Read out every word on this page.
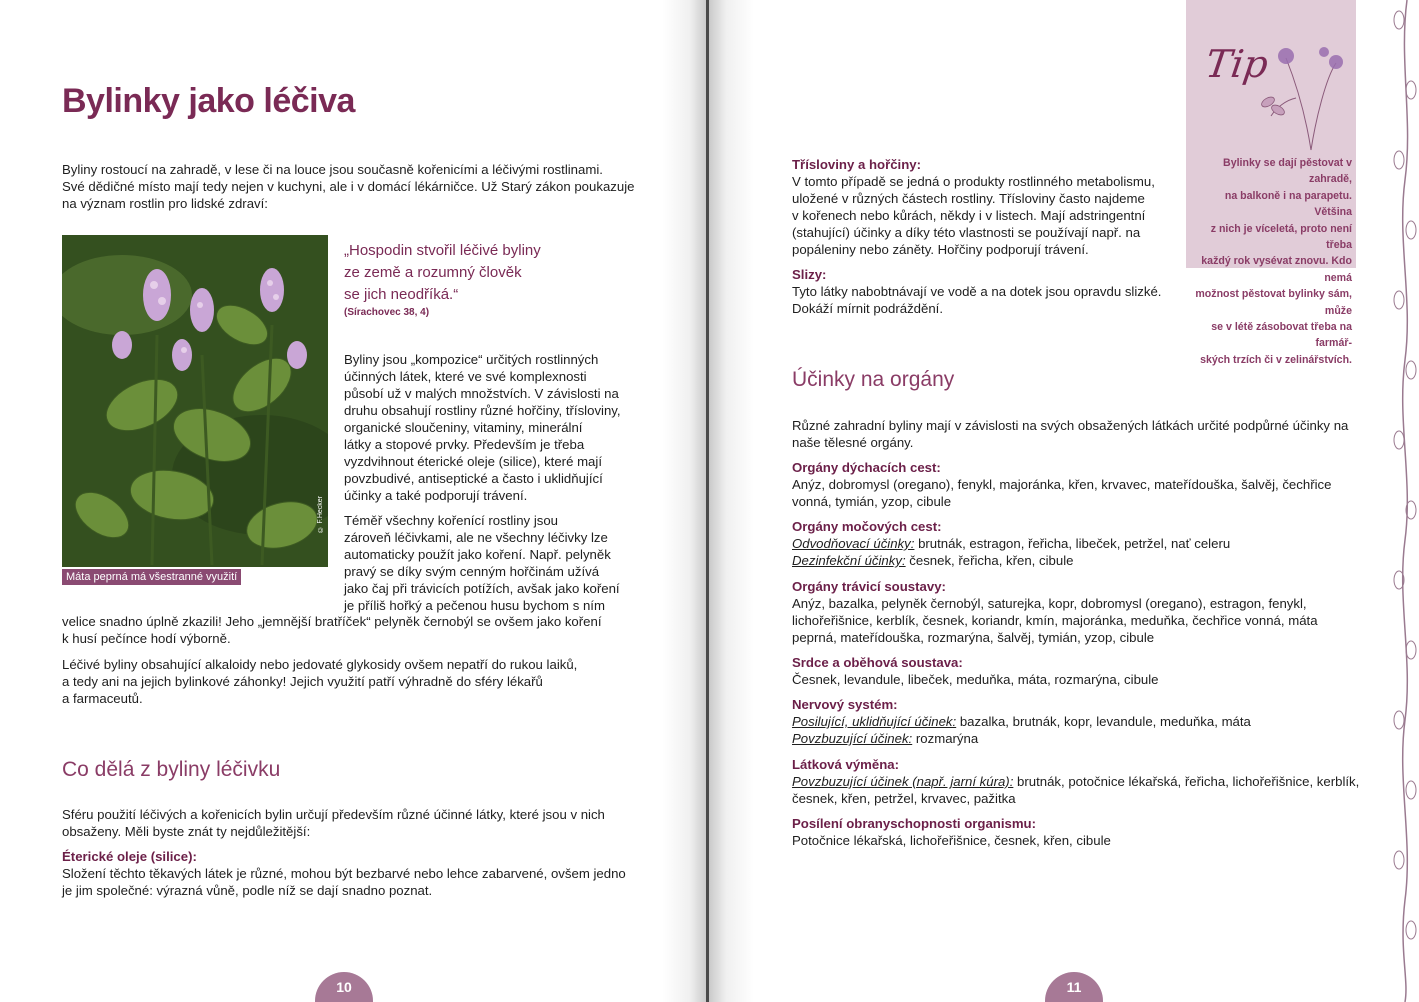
Bylinky jako léčiva

Byliny rostoucí na zahradě, v lese či na louce jsou současně kořenicími a léčivými rostlinami.
Své dědičné místo mají tedy nejen v kuchyni, ale i v domácí lékárničce. Už Starý zákon poukazuje
na význam rostlin pro lidské zdraví:

© F.Hecker
Máta peprná má všestranné využití
„Hospodin stvořil léčivé byliny
ze země a rozumný člověk
se jich neodříká.“
(Sírachovec 38, 4)

Byliny jsou „kompozice“ určitých rostlinných
účinných látek, které ve své komplexnosti
působí už v malých množstvích. V závislosti na
druhu obsahují rostliny různé hořčiny, třísloviny,
organické sloučeniny, vitaminy, minerální
látky a stopové prvky. Především je třeba
vyzdvihnout éterické oleje (silice), které mají
povzbudivé, antiseptické a často i uklidňující
účinky a také podporují trávení.

Téměř všechny kořenící rostliny jsou
zároveň léčivkami, ale ne všechny léčivky lze
automaticky použít jako koření. Např. pelyněk
pravý se díky svým cenným hořčinám užívá
jako čaj při trávicích potížích, avšak jako koření
je příliš hořký a pečenou husu bychom s ním

velice snadno úplně zkazili! Jeho „jemnější bratříček“ pelyněk černobýl se ovšem jako koření
k husí pečínce hodí výborně.

Léčivé byliny obsahující alkaloidy nebo jedovaté glykosidy ovšem nepatří do rukou laiků,
a tedy ani na jejich bylinkové záhonky! Jejich využití patří výhradně do sféry lékařů
a farmaceutů.

Co dělá z byliny léčivku

Sféru použití léčivých a kořenicích bylin určují především různé účinné látky, které jsou v nich
obsaženy. Měli byste znát ty nejdůležitější:

Éterické oleje (silice):
Složení těchto těkavých látek je různé, mohou být bezbarvé nebo lehce zabarvené, ovšem jedno
je jim společné: výrazná vůně, podle níž se dají snadno poznat.
10
Tip
Bylinky se dají pěstovat v zahradě,
na balkoně i na parapetu. Většina
z nich je víceletá, proto není třeba
každý rok vysévat znovu. Kdo nemá
možnost pěstovat bylinky sám, může
se v létě zásobovat třeba na farmář-
ských trzích či v zelinářstvích.
Třísloviny a hořčiny:
V tomto případě se jedná o produkty rostlinného metabolismu,
uložené v různých částech rostliny. Třísloviny často najdeme
v kořenech nebo kůrách, někdy i v listech. Mají adstringentní
(stahující) účinky a díky této vlastnosti se používají např. na
popáleniny nebo záněty. Hořčiny podporují trávení.
Slizy:
Tyto látky nabobtnávají ve vodě a na dotek jsou opravdu slizké.
Dokáží mírnit podráždění.
Účinky na orgány

Různé zahradní byliny mají v závislosti na svých obsažených látkách určité podpůrné účinky na
naše tělesné orgány.

Orgány dýchacích cest:
Anýz, dobromysl (oregano), fenykl, majoránka, křen, krvavec, mateřídouška, šalvěj, čechřice
vonná, tymián, yzop, cibule
Orgány močových cest:
Odvodňovací účinky: brutnák, estragon, řeřicha, libeček, petržel, nať celeru
Dezinfekční účinky: česnek, řeřicha, křen, cibule
Orgány trávicí soustavy:
Anýz, bazalka, pelyněk černobýl, saturejka, kopr, dobromysl (oregano), estragon, fenykl,
lichořeřišnice, kerblík, česnek, koriandr, kmín, majoránka, meduňka, čechřice vonná, máta
peprná, mateřídouška, rozmarýna, šalvěj, tymián, yzop, cibule
Srdce a oběhová soustava:
Česnek, levandule, libeček, meduňka, máta, rozmarýna, cibule
Nervový systém:
Posilující, uklidňující účinek: bazalka, brutnák, kopr, levandule, meduňka, máta
Povzbuzující účinek: rozmarýna
Látková výměna:
Povzbuzující účinek (např. jarní kúra): brutnák, potočnice lékařská, řeřicha, lichořeřišnice, kerblík,
česnek, křen, petržel, krvavec, pažitka
Posílení obranyschopnosti organismu:
Potočnice lékařská, lichořeřišnice, česnek, křen, cibule
11
